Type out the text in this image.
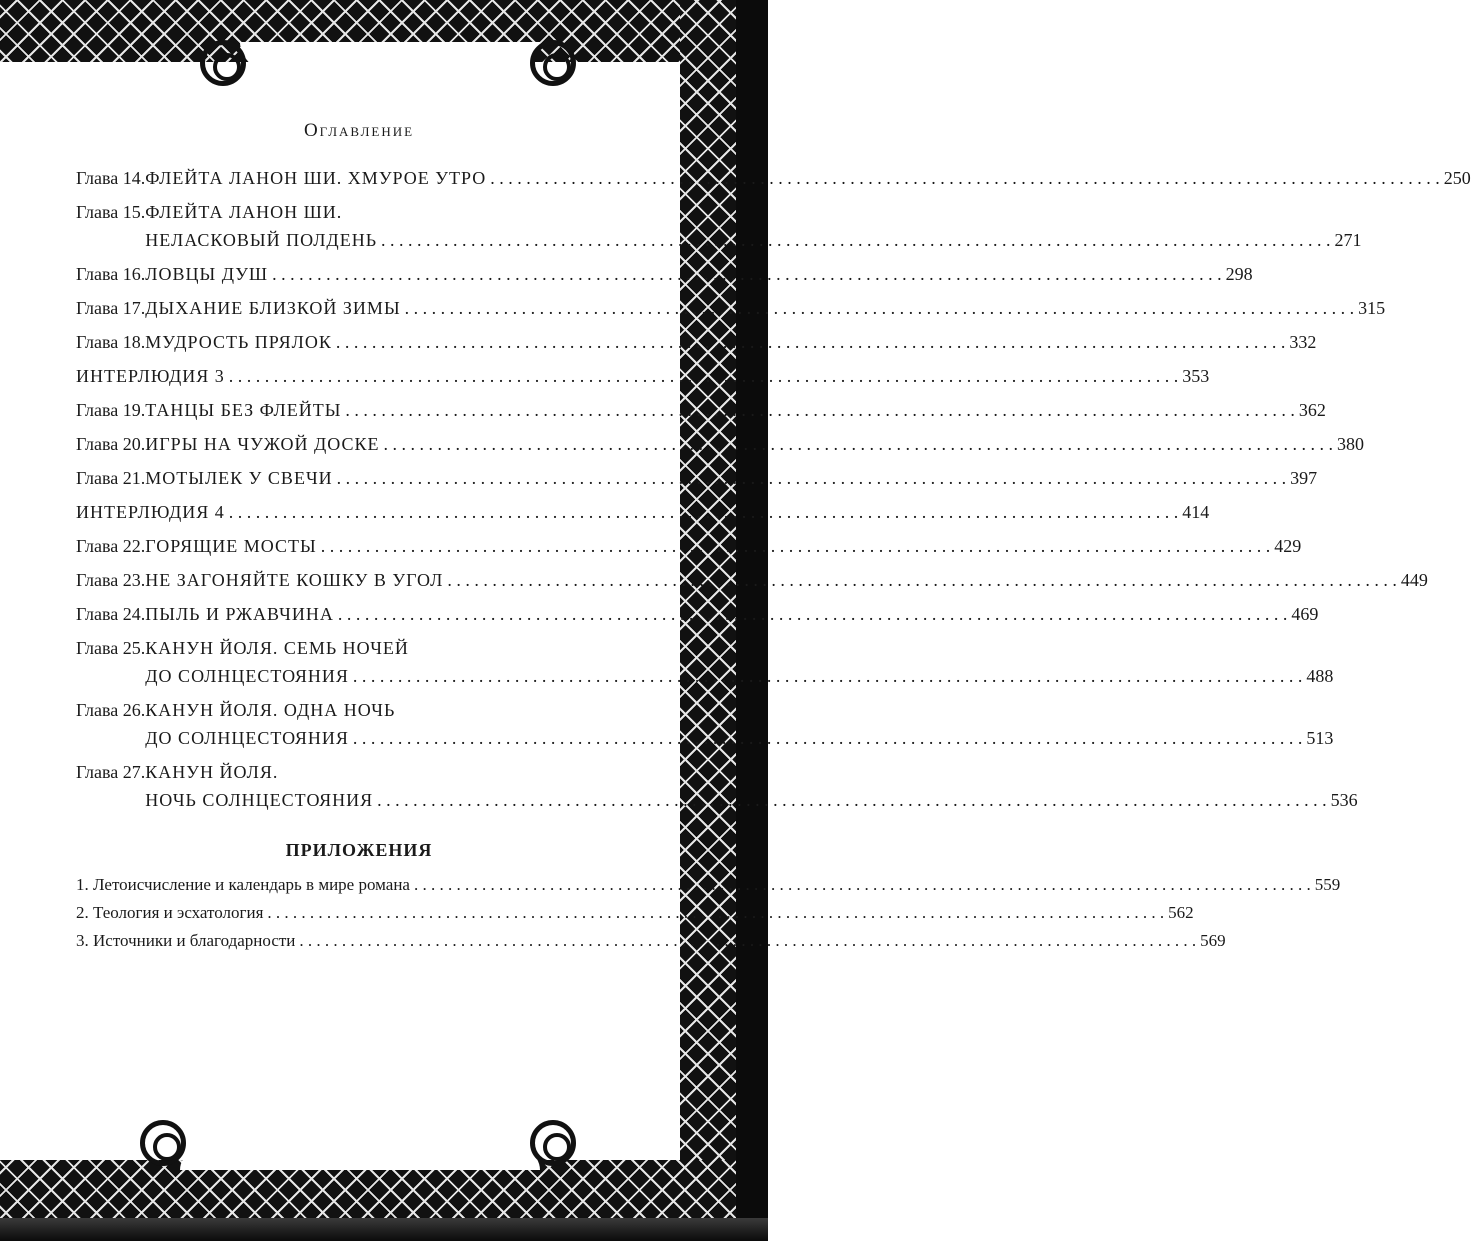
Оглавление
Глава 14. ФЛЕЙТА ЛАНОН ШИ. ХМУРОЕ УТРО . . .	250
Глава 15. ФЛЕЙТА ЛАНОН ШИ.
НЕЛАСКОВЫЙ ПОЛДЕНЬ . . .	271
Глава 16. ЛОВЦЫ ДУШ . . .	298
Глава 17. ДЫХАНИЕ БЛИЗКОЙ ЗИМЫ . . .	315
Глава 18. МУДРОСТЬ ПРЯЛОК . . .	332
ИНТЕРЛЮДИЯ 3 . . .	353
Глава 19. ТАНЦЫ БЕЗ ФЛЕЙТЫ . . .	362
Глава 20. ИГРЫ НА ЧУЖОЙ ДОСКЕ . . .	380
Глава 21. МОТЫЛЕК У СВЕЧИ . . .	397
ИНТЕРЛЮДИЯ 4 . . .	414
Глава 22. ГОРЯЩИЕ МОСТЫ . . .	429
Глава 23. НЕ ЗАГОНЯЙТЕ КОШКУ В УГОЛ . . .	449
Глава 24. ПЫЛЬ И РЖАВЧИНА . . .	469
Глава 25. КАНУН ЙОЛЯ. СЕМЬ НОЧЕЙ
ДО СОЛНЦЕСТОЯНИЯ . . .	488
Глава 26. КАНУН ЙОЛЯ. ОДНА НОЧЬ
ДО СОЛНЦЕСТОЯНИЯ . . .	513
Глава 27. КАНУН ЙОЛЯ.
НОЧЬ СОЛНЦЕСТОЯНИЯ . . .	536
ПРИЛОЖЕНИЯ
1. Летоисчисление и календарь в мире романа . . .	559
2. Теология и эсхатология . . .	562
3. Источники и благодарности . . .	569
